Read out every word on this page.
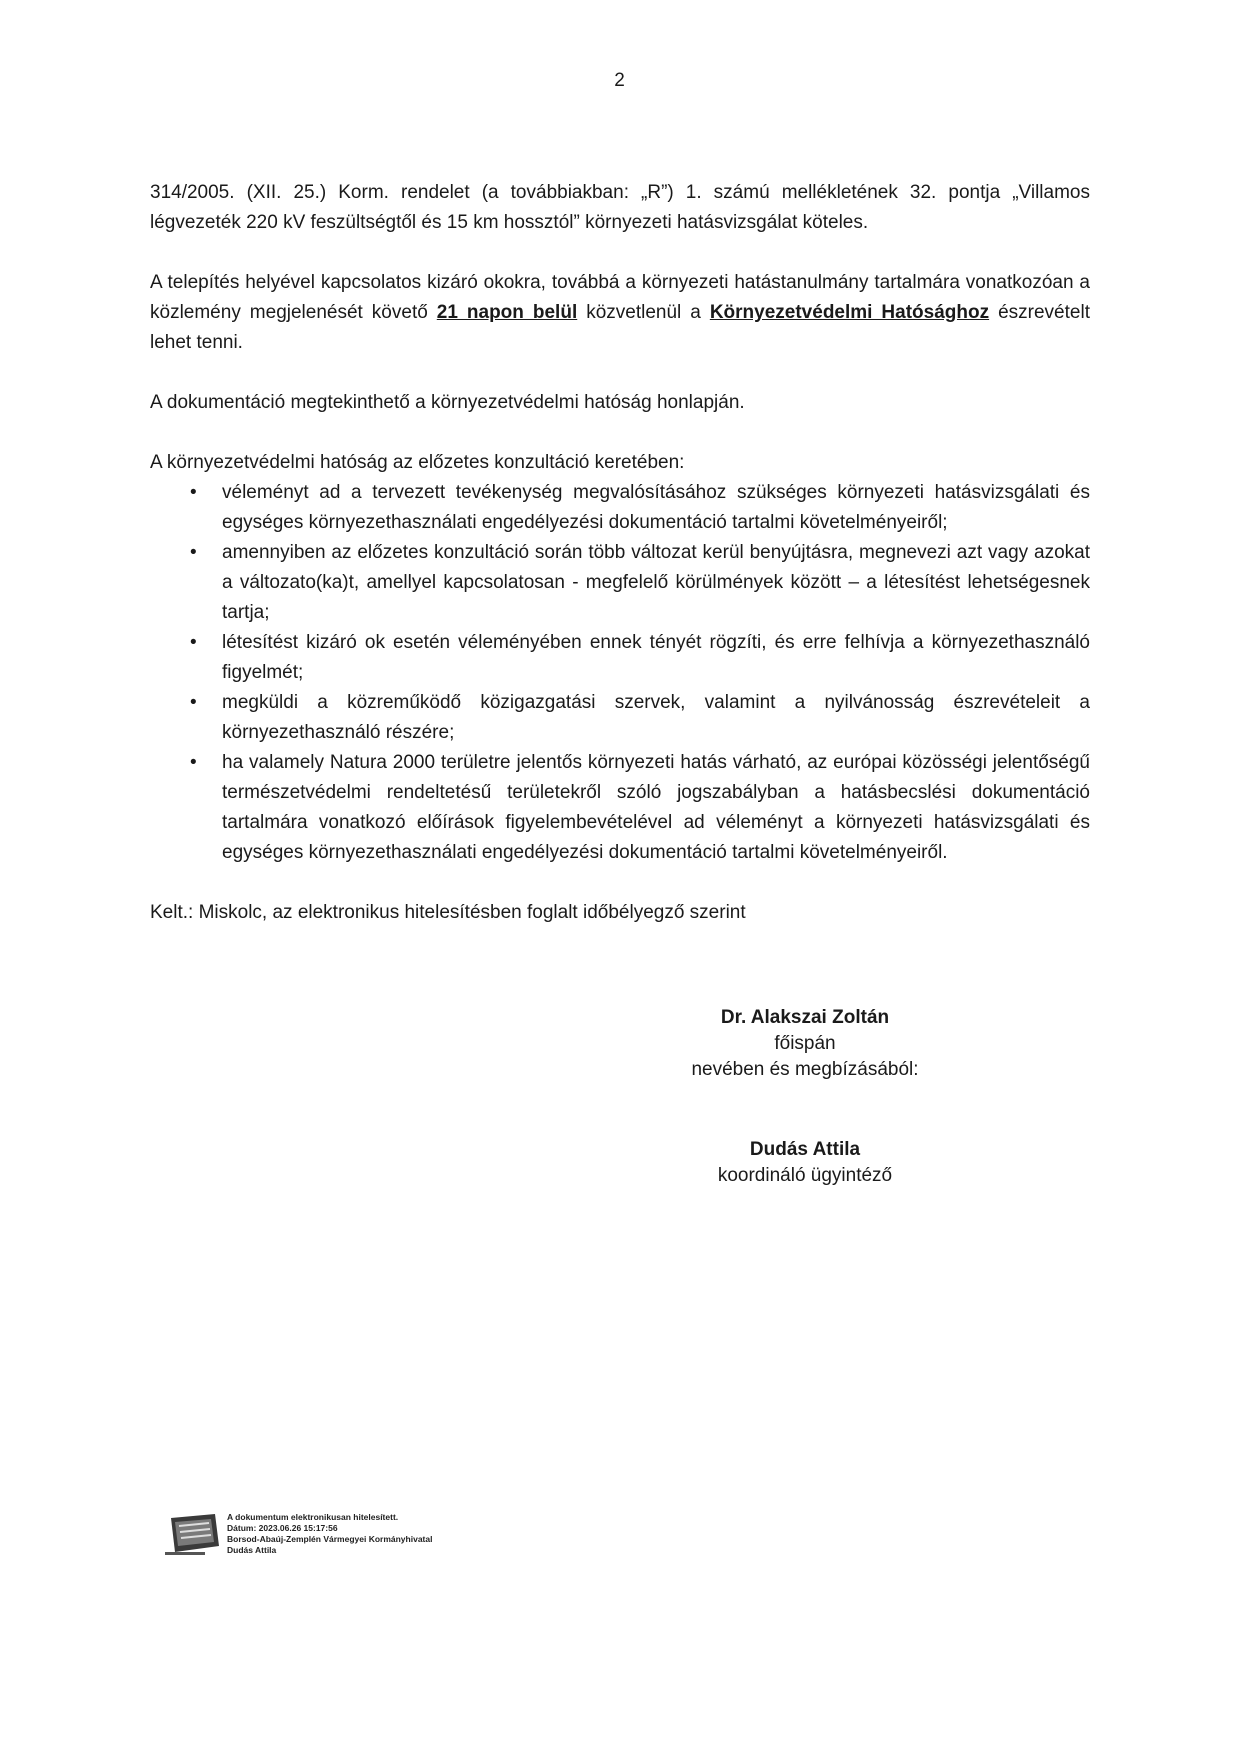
2

314/2005. (XII. 25.) Korm. rendelet (a továbbiakban: „R”) 1. számú mellékletének 32. pontja „Villamos légvezeték 220 kV feszültségtől és 15 km hossztól” környezeti hatásvizsgálat köteles.

A telepítés helyével kapcsolatos kizáró okokra, továbbá a környezeti hatástanulmány tartalmára vonatkozóan a közlemény megjelenését követő 21 napon belül közvetlenül a Környezetvédelmi Hatósághoz észrevételt lehet tenni.

A dokumentáció megtekinthető a környezetvédelmi hatóság honlapján.

A környezetvédelmi hatóság az előzetes konzultáció keretében:

• véleményt ad a tervezett tevékenység megvalósításához szükséges környezeti hatásvizsgálati és egységes környezethasználati engedélyezési dokumentáció tartalmi követelményeiről;
• amennyiben az előzetes konzultáció során több változat kerül benyújtásra, megnevezi azt vagy azokat a változato(ka)t, amellyel kapcsolatosan - megfelelő körülmények között – a létesítést lehetségesnek tartja;
• létesítést kizáró ok esetén véleményében ennek tényét rögzíti, és erre felhívja a környezethasználó figyelmét;
• megküldi a közreműködő közigazgatási szervek, valamint a nyilvánosság észrevételeit a környezethasználó részére;
• ha valamely Natura 2000 területre jelentős környezeti hatás várható, az európai közösségi jelentőségű természetvédelmi rendeltetésű területekről szóló jogszabályban a hatásbecslési dokumentáció tartalmára vonatkozó előírások figyelembevételével ad véleményt a környezeti hatásvizsgálati és egységes környezethasználati engedélyezési dokumentáció tartalmi követelményeiről.

Kelt.: Miskolc, az elektronikus hitelesítésben foglalt időbélyegző szerint

Dr. Alakszai Zoltán
főispán
nevében és megbízásából:
Dudás Attila
koordináló ügyintéző
A dokumentum elektronikusan hitelesített.
Dátum: 2023.06.26 15:17:56
Borsod-Abaúj-Zemplén Vármegyei Kormányhivatal
Dudás Attila
